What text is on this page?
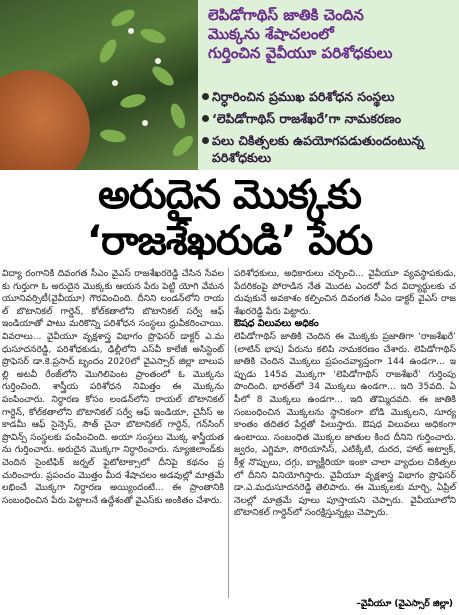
లెపిడోగాథిస్ జాతికి చెందిన
మొక్కను శేషాచలంలో
గుర్తించిన వైవీయూ పరిశోధకులు
నిర్ధారించిన ప్రముఖ పరిశోధన సంస్థలు
‘లెపిడోగాథిస్ రాజశేఖరే’గా నామకరణం
పలు చికిత్సలకు ఉపయోగపడుతుందంటున్న పరిశోధకులు
అరుదైన మొక్కకు
‘రాజశేఖరుడి’ పేరు
విద్యా రంగానికి దివంగత సీఎం వైఎస్ రాజశేఖరరెడ్డి చేసిన సేవలకు గుర్తుగా ఓ అరుదైన మొక్కకు ఆయన పేరు పెట్టి యోగి వేమన యూనివర్సిటీ(వైవీయూ) గౌరవించింది. దీనిని లండన్‌లోని రాయల్ బొటానికల్ గార్డెన్, కోల్‌కతాలోని బొటానికల్ సర్వే ఆఫ్ ఇండియాతో పాటు మరికొన్ని పరిశోధన సంస్థలు ధ్రువీకరించాయి. వివరాలు... వైవీయూ వృక్షశాస్త్ర విభాగం ప్రొఫెసర్ డాక్టర్ ఎ.మధుసూదనరెడ్డి, పరిశోధకుడు, ఢిల్లీలోని ఎస్‌వీ కాలేజీ అసిస్టెంట్ ప్రొఫెసర్ డా.కె.ప్రసాద్ బృందం 2020లో వైఎస్సార్ జిల్లా బాలుపల్లి అటవీ రేంజ్‌లోని మొగిలిపెంట ప్రాంతంలో ఓ మొక్కను గుర్తించింది. శాస్త్రీయ పరిశోధన నిమిత్తం ఈ మొక్కను పంపించారు. నిర్ధారణ కోసం లండన్‌లోని రాయల్ బొటానికల్ గార్డెన్, కోల్‌కతాలోని బొటానికల్ సర్వే ఆఫ్ ఇండియా, చైనీస్ అకాడమీ ఆఫ్ సైన్సెస్, సౌత్ చైనా బొటానికల్ గార్డెన్, గన్‌సింగ్ ప్రొవిన్స్ సంస్థలకు పంపించింది. అయా సంస్థలు మొక్క శాస్త్రీయతను గుర్తించారు. అరుదైన మొక్కగా నిర్ధారించారు. న్యూజిలాండ్‌కు చెందిన సైంటిఫిక్ జర్నల్ ఫైటోటాక్సాలో దీనిపై కథనం ప్రచురించారు. ప్రపంచం మొత్తం మీద శేషాచలం అడవుల్లో మాత్రమే లభించే మొక్కగా నిర్ధారణ అయ్యిందంటే... ఈ ప్రాంతానికి సంబంధించిన పేరు పెట్టాలనే ఉద్దేశంతో వైఎస్‌కు అంకితం చేశారు.
పరిశోధకులు, అధికారులు చర్చించి... వైవీయూ వ్యవస్థాపకుడు, పేదరికంపై పోరాడిన నేత మొదట ఎందరో పేద విద్యార్థులకు చదువుకునే అవకాశం కల్పించిన దివంగత సీఎం డాక్టర్ వైఎస్ రాజశేఖరరెడ్డి పేరు పెట్టారు.
ఔషధ విలువలు అధికం
లెపిడోగాథిస్ జాతికి చెందిన ఈ మొక్కకు ప్రజాతిగా ‘రాజశేఖరే’ (లాటిన్ భాష) పేరును కలిపి నామకరణం చేశారు. లెపిడోగాథిస్ జాతికి చెందిన మొక్కలు ప్రపంచవ్యాప్తంగా 144 ఉండగా... ఇప్పుడు 145వ మొక్కగా ‘లెపిడోగాథిస్ రాజశేఖరే’ గుర్తింపు పొందింది. భారత్‌లో 34 మొక్కలు ఉండగా... ఇది 35వది. ఏపీలో 8 మొక్కలు ఉండగా... ఇది తొమ్మిదవది. ఈ జాతికి సంబంధించిన మొక్కలను స్థానికంగా బోడి మొక్కలని, సూర్యకాంతం తదితర పేర్లతో పిలుస్తారు. ఔషధ విలువలు అధికంగా ఉంటాయి. సంబంధిత మొక్కల జాతుల కింద దీనిని గుర్తించారు. జ్వరం, ఎగ్జిమా, సోరియాసిస్, ఎటిక్కేటి, దురద, హాట్ అట్వాక్, కీళ్ల నొప్పులు, దగ్గు, బ్యాక్టీరియా ఇంకా చాలా వ్యాధుల చికిత్సలలో దీనిని వినియోగిస్తారు. వైవీయూ వృక్షశాస్త్ర విభాగం ప్రొఫెసర్ డా.ఎ.మధుసూదనరెడ్డి తెలిపారు. ఈ మొక్కలకు మార్చి, ఏప్రిల్ నెలల్లో మాత్రమే పూలు పూస్తాయని చెప్పారు. వైవీయూలోని బొటానికల్ గార్డెన్‌లో సంరక్షిస్తున్నట్లు చెప్పారు.
–వైవీయూ (వైఎస్సార్ జిల్లా)
